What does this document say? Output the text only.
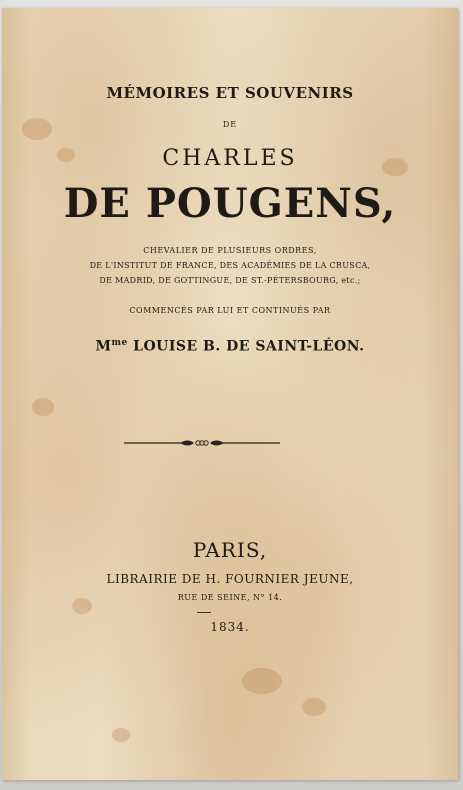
MÉMOIRES ET SOUVENIRS
DE
CHARLES
DE POUGENS,
CHEVALIER DE PLUSIEURS ORDRES,
DE L'INSTITUT DE FRANCE, DES ACADÉMIES DE LA CRUSCA,
DE MADRID, DE GOTTINGUE, DE ST.-PÉTERSBOURG, etc.;
COMMENCÉS PAR LUI ET CONTINUÉS PAR
$M^{me}$ LOUISE B. DE SAINT-LÉON.
PARIS,
LIBRAIRIE DE H. FOURNIER JEUNE,
RUE DE SEINE, N° 14.
1834.
